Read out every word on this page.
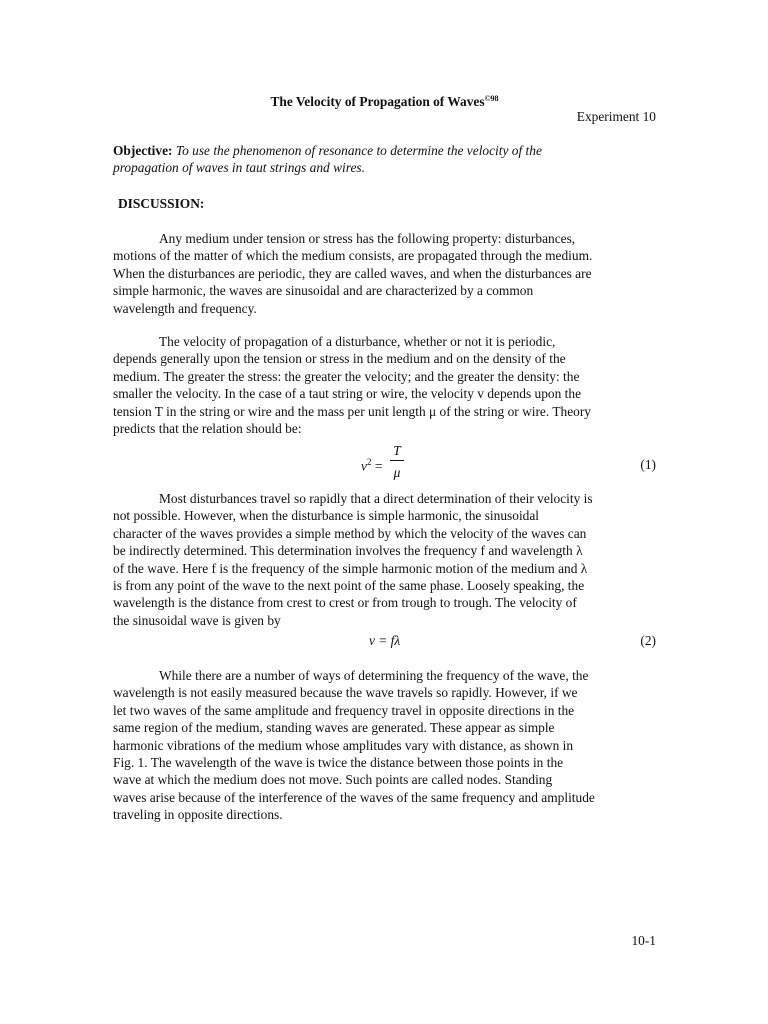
The Velocity of Propagation of Waves$^{©98}$
Experiment 10
Objective: To use the phenomenon of resonance to determine the velocity of the
propagation of waves in taut strings and wires.
DISCUSSION:
Any medium under tension or stress has the following property: disturbances,
motions of the matter of which the medium consists, are propagated through the medium.
When the disturbances are periodic, they are called waves, and when the disturbances are
simple harmonic, the waves are sinusoidal and are characterized by a common
wavelength and frequency.
The velocity of propagation of a disturbance, whether or not it is periodic,
depends generally upon the tension or stress in the medium and on the density of the
medium. The greater the stress: the greater the velocity; and the greater the density: the
smaller the velocity. In the case of a taut string or wire, the velocity v depends upon the
tension T in the string or wire and the mass per unit length μ of the string or wire. Theory
predicts that the relation should be:
$v^2$ =
T
μ
(1)
Most disturbances travel so rapidly that a direct determination of their velocity is
not possible. However, when the disturbance is simple harmonic, the sinusoidal
character of the waves provides a simple method by which the velocity of the waves can
be indirectly determined. This determination involves the frequency f and wavelength λ
of the wave. Here f is the frequency of the simple harmonic motion of the medium and λ
is from any point of the wave to the next point of the same phase. Loosely speaking, the
wavelength is the distance from crest to crest or from trough to trough. The velocity of
the sinusoidal wave is given by
v = fλ	(2)
While there are a number of ways of determining the frequency of the wave, the
wavelength is not easily measured because the wave travels so rapidly. However, if we
let two waves of the same amplitude and frequency travel in opposite directions in the
same region of the medium, standing waves are generated. These appear as simple
harmonic vibrations of the medium whose amplitudes vary with distance, as shown in
Fig. 1. The wavelength of the wave is twice the distance between those points in the
wave at which the medium does not move. Such points are called nodes. Standing
waves arise because of the interference of the waves of the same frequency and amplitude
traveling in opposite directions.
10-1
